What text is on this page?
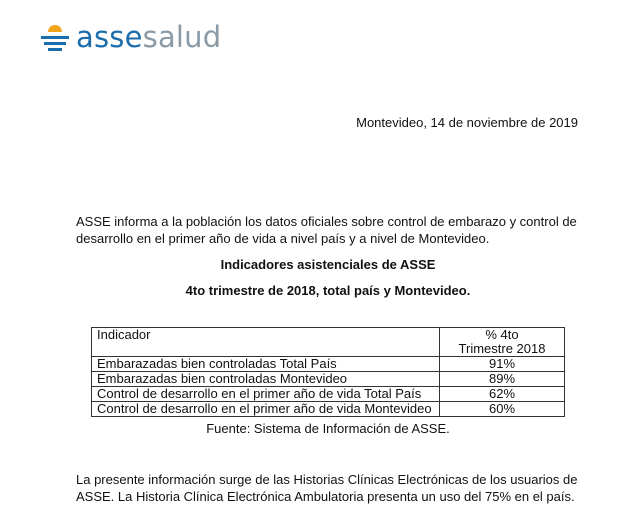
assesalud
Montevideo, 14 de noviembre de 2019
ASSE informa a la población los datos oficiales sobre control de embarazo y control de
desarrollo en el primer año de vida a nivel país y a nivel de Montevideo.
Indicadores asistenciales de ASSE
4to trimestre de 2018, total país y Montevideo.
Indicador	% 4to
Trimestre 2018

Embarazadas bien controladas Total País	91%
Embarazadas bien controladas Montevideo	89%
Control de desarrollo en el primer año de vida Total País	62%
Control de desarrollo en el primer año de vida Montevideo	60%
Fuente: Sistema de Información de ASSE.
La presente información surge de las Historias Clínicas Electrónicas de los usuarios de
ASSE. La Historia Clínica Electrónica Ambulatoria presenta un uso del 75% en el país.
